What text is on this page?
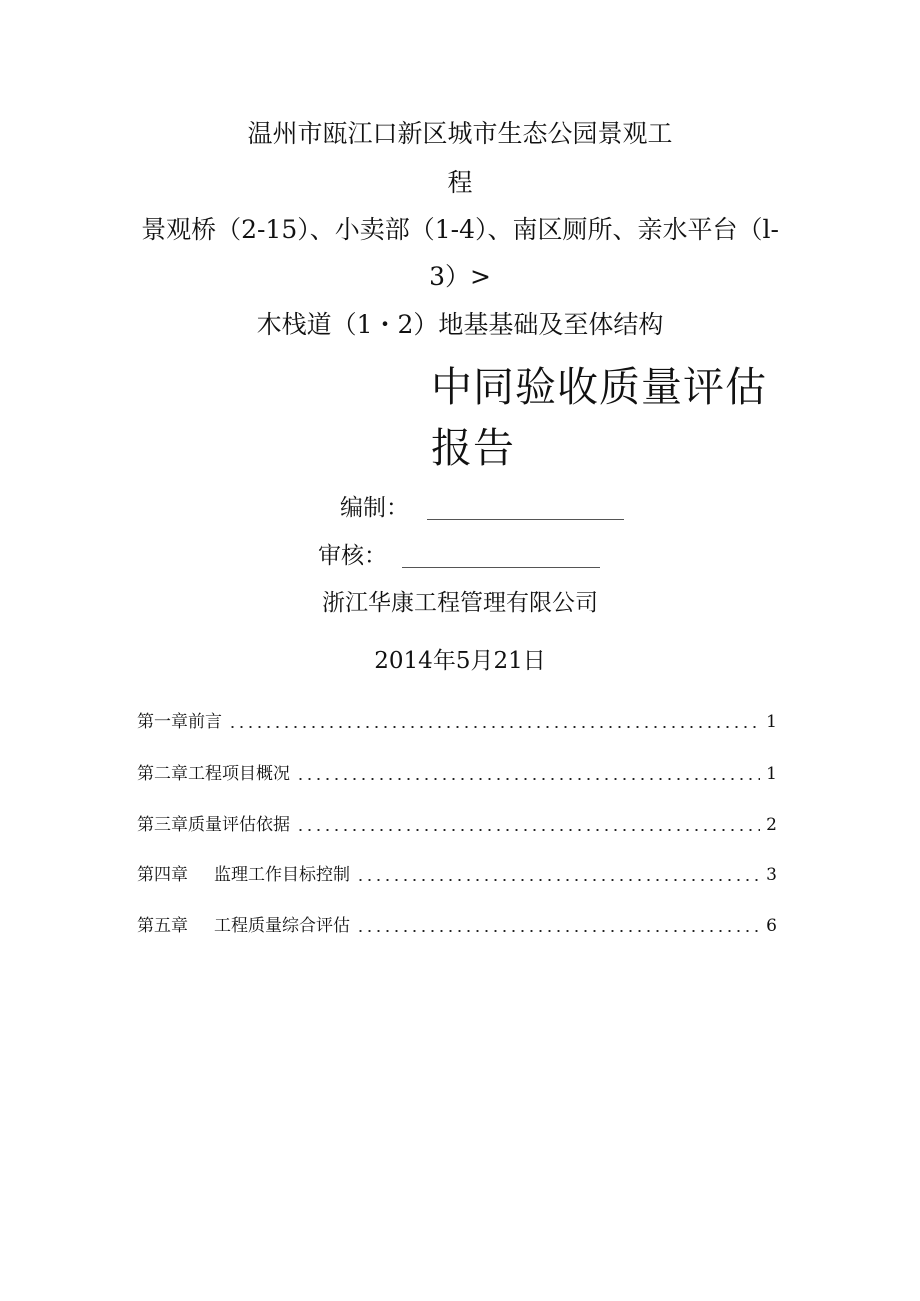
温州市瓯江口新区城市生态公园景观工
程
景观桥（2-15）、小卖部（1-4）、南区厕所、亲水平台（l-
3）>
木栈道（1・2）地基基础及至体结构
中同验收质量评估
报告
编制：
审核：
浙江华康工程管理有限公司
2014年5月21日
第一章前言	1
第二章工程项目概况	1
第三章质量评估依据	2
第四章 监理工作目标控制	3
第五章 工程质量综合评估	6
